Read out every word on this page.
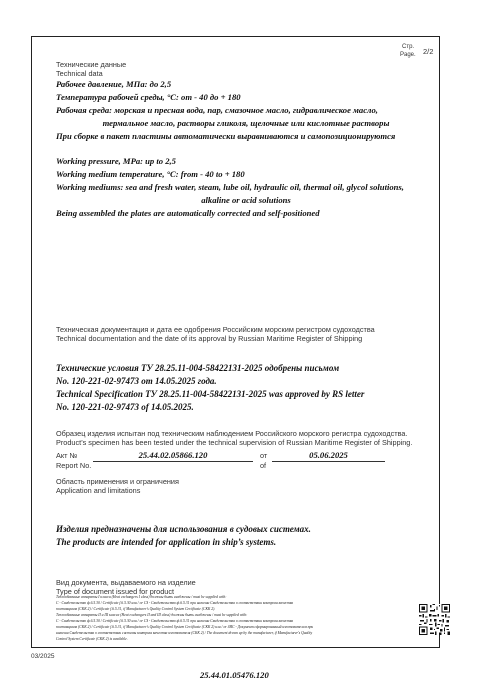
Стр.
Page. 2/2
Технические данные
Technical data
Рабочее давление, МПа: до 2,5
Температура рабочей среды, °С: от - 40 до + 180
Рабочая среда: морская и пресная вода, пар, смазочное масло, гидравлическое масло,
термальное масло, растворы гликоля, щелочные или кислотные растворы
При сборке в пакет пластины автоматически выравниваются и самопозиционируются
Working pressure, MPa: up to 2,5
Working medium temperature, °C: from - 40 to + 180
Working mediums: sea and fresh water, steam, lube oil, hydraulic oil, thermal oil, glycol solutions,
alkaline or acid solutions
Being assembled the plates are automatically corrected and self-positioned
Техническая документация и дата ее одобрения Российским морским регистром судоходства
Technical documentation and the date of its approval by Russian Maritime Register of Shipping
Технические условия ТУ 28.25.11-004-58422131-2025 одобрены письмом
No. 120-221-02-97473 от 14.05.2025 года.
Technical Specification ТУ 28.25.11-004-58422131-2025 was approved by RS letter
No. 120-221-02-97473 of 14.05.2025.
Образец изделия испытан под техническим наблюдением Российского морского регистра судоходства.
Product’s specimen has been tested under the technical supervision of Russian Maritime Register of Shipping.
Акт №
Report No.
25.44.02.05866.120	от
of
05.06.2025
Область применения и ограничения
Application and limitations
Изделия предназначены для использования в судовых системах.
The products are intended for application in ship’s systems.
Вид документа, выдаваемого на изделие
Type of document issued for product
Теплообменные аппараты I класса (Heat exchangers I class) должны быть снабжены / must be supplied with:
С - Свидетельство ф.6.5.30 / Certificate f.6.5.30 или / or СЗ - Свидетельство ф.6.5.31 при наличии Свидетельства о соответствии контроля качества
поставщиков (СКК 2) / Certificate f.6.5.31, if Manufacturer's Quality Control System Certificate (CKK 2).
Теплообменные аппараты II и III класса (Heat exchangers II and III class) должны быть снабжены / must be supplied with:
С - Свидетельство ф.6.5.30 / Certificate f.6.5.30 или / or СЗ - Свидетельство ф.6.5.31 при наличии Свидетельства о соответствии контроля качества
поставщиков (СКК 2) / Certificate f.6.5.31, if Manufacturer's Quality Control System Certificate (CKK 2) или / or ЗИС - Документ сформированный изготовителем при
наличии Свидетельства о соответствии системы контроля качества изготовителя (СКК 2) / The document drawn up by the manufacturer, if Manufacturer's Quality
Control System Certificate (CKK 2) is available.
03/2025
25.44.01.05476.120
